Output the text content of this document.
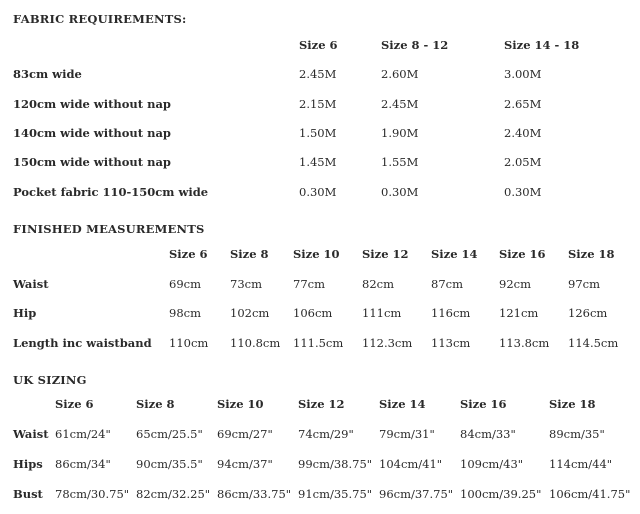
FABRIC REQUIREMENTS:
Size 6	Size 8 - 12	Size 14 - 18
83cm wide	2.45M	2.60M	3.00M
120cm wide without nap	2.15M	2.45M	2.65M
140cm wide without nap	1.50M	1.90M	2.40M
150cm wide without nap	1.45M	1.55M	2.05M
Pocket fabric 110-150cm wide	0.30M	0.30M	0.30M
FINISHED MEASUREMENTS
Size 6 Size 8 Size 10 Size 12 Size 14 Size 16 Size 18
Waist	69cm	73cm	77cm	82cm	87cm	92cm	97cm
Hip	98cm	102cm 106cm	111cm	116cm 121cm	126cm
Length inc waistband 110cm 110.8cm 111.5cm 112.3cm 113cm 113.8cm 114.5cm
UK SIZING
Size 6	Size 8	Size 10	Size 12	Size 14	Size 16	Size 18
Waist 61cm/24" 65cm/25.5" 69cm/27" 74cm/29" 79cm/31" 84cm/33"	89cm/35"
Hips 86cm/34" 90cm/35.5" 94cm/37" 99cm/38.75" 104cm/41" 109cm/43" 114cm/44"
Bust 78cm/30.75" 82cm/32.25" 86cm/33.75" 91cm/35.75" 96cm/37.75" 100cm/39.25" 106cm/41.75"
